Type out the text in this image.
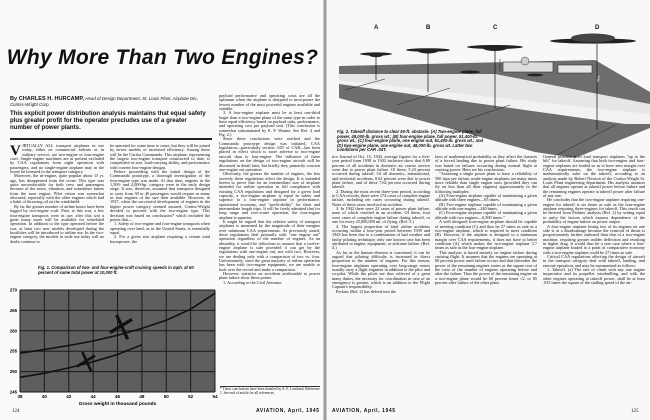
Why More Than Two Engines?
By CHARLES H. HURCAMP, Head of Design Department, St. Louis Plant, Airplane Div., Curtiss-Wright Corp.
This explicit power distribution analysis maintains that equal safety plus greater profit for the operator precludes use of a greater number of power plants.

VIRTUALLY ALL transport airplanes in use today, either on commercial airlines or in military service, are two-engine or four-engine craft. Single-engine machines are at present excluded by CAA regulations from night operation with passengers, and no single-engine airplane may in the future be licensed in the transport category.

Moreover, the tri-engine, quite popular about 15 yr. ago, has disappeared from the scene. This type was quite uncomfortable for both crew and passengers because of the noise, vibration, and sometimes fumes from the nose engine. Pilot vision was somewhat obscured, especially with the older engines which had a habit of throwing oil on the windshield.

By far the greater number of airline hours have been logged by two-engine craft. Prior to this war, a few four-engine transports were in use; after this war a great many more will be available for scheduled operation. In addition to the type operated before the war, at least two new models developed during the hostilities will be introduced to airline use. In the two-engine category, the models in wide use today will no doubt continue to

be operated for some time to come, but they will be joined by newer models of increased efficiency. Among these will be the Curtiss Commando. This airplane, representing the largest two-engine transport constructed to date, is competitive in size, load-carrying ability, and performance with current four-engine designs.

Before proceeding with the initial design of the Commando prototype, a thorough investigation of the four-engine type was made. At that time, engines in the 1,500- and 2,000-hp. category were in the early design stage. It was, therefore, assumed that transports designed to carry from 30 to 40 passengers would require as many as four engines of the size then available. However, in 1937, when the successful development of engines in the higher power category seemed assured, Curtiss-Wright decided to proceed with the two-engine type. This decision was based on conclusions* which included the points that—

1. Safety of two-engine and four-engine transports when operating over land, as in the United States, is essentially equal.

2. For a given size airplane requiring a certain total horsepower, the

payload performance and operating costs are all the optimum when the airplane is designed to incorporate the fewest number of the most powerful engines available and suitable.

3. A four-engine airplane must be at least one-third larger than a two-engine plane of the same type in order to have equal efficiency based on payload ratio, performance, and operating cost per payload unit. (This conclusion is somewhat substantiated by E. P. Warner. See Ref. 4 and Fig. 2.)

Since these conclusions were reached and the Commando prototype design was initiated, CAA legislation—particularly section .04T of CAR—has been placed in effect which is more adverse to two-engine aircraft than to four-engine. The influence of these regulations on the design of two-engine aircraft will be discussed in detail later, but briefly they primarily concern one-engine out operation.

Obviously, the greater the number of engines, the less severely these regulations affect the design. It is intended herein to prove that for an intermediate size of airplane intended for airline operation in full compliance with existing CAA regulations and designed for a given load capacity, a two-engine airplane is equal in safety and superior to a four-engine airplane in performance, operational economy, and "profit-ability" for short and intermediate length trips. It will be freely admitted that for long range and over-water operation, the four-engine airplane is superior.

It might be argued that the relative safety of transport airplanes is measured by the magnitude of their margins over minimum CAA requirements. As previously stated, these regulations deal primarily with "one engine out" operation regardless of the number of engines. As an absurdity, it would be ridiculous to assume that a twelve-engine airplane is safe provided it can get by the regulations with one-engine out, not with two. However, we are dealing only with a comparison of two vs. four. Unfortunately, since the great majority of airline operation has been with two-engine equipment, we are unable to look over the record and make a comparison.

However, statistics on accidents attributable to power plant failure show these points:

1. According to the Civil Aeronau-

Fig. 1. Comparison of two- and four-engine-craft cruising speeds in mph. at 60 percent of same total power at 10,000 ft.
38	40	42	44	46	48	50	52	54
245
250
255
260
265
270
Gross weight in thousand pounds
* These conclusions have been detailed by A. E. Lombard, Reference 1. See end of article for all references.
124	AVIATION, April, 1945
A	B	C	D
50 ft.
Fig. 2. Takeoff distance to clear 50-ft. obstacle. (A) Two-engine plane, full power, 48,000-lb. gross wt.; (B) four-engine plane, full power, 51,400-lb. gross wt.; (C) four-engine plane, one engine out, 51,400-lb. gross wt.; and (D) two-engine plane, one engine out, 48,000-lb. gross wt. Latter two conditions per CAR .04T.

tics Journal of Oct. 15, 1943, average figures for a five-year period from 1938 to 1942 inclusive show that 6.89 percent of all accidents in domestic air carrier service were due to power plant failure. Of these, 5.23 percent occurred during takeoff. Of all domestic, international, and territorial accidents, 8.62 percent were due to power plant failure, and of these 7.62 percent occurred during takeoff.

2. During the most recent three-year period, according to CAA records, there were 174 cases of complete engine failure, including ten cases occurring during takeoff. None of these cases involved an accident.

3. In 1942 there were 22 cases of power plant failure, none of which resulted in an accident. Of these, four were cases of complete engine failure during takeoff, or one for every 25,000,000 mi. of flying. (Ref. 5.)

4. The largest proportion of fatal airline accidents occurring within a four-year period between 1939 and 1943 has been due to a combination of bad weather and faulty piloting technique; only one known case has been attributed to engine, equipment, or airframe failure. (Ref. 4.)

As far as the human element is concerned, it can be argued that piloting difficulty is increased in direct proportion to the number of engines. For this reason, four-engine airplanes operating over long-range routes usually carry a flight engineer in addition to the pilot and co-pilot. While the pilots are thus relieved of a great many duties, the necessity for coordination in case of an emergency is greater, which is an addition to the Flight Captain's responsibility.

Perkins (Ref. 2) has delved into the

laws of mathematical probability as they affect the chances of a forced landing due to power plant failure. His study was based on failures occurring during normal flight at cruising power. Here are his conclusions:

"Assuming a single power plant to have a reliability of 500 trips per failure, multi-engine airplanes are many times more reliable than single engine ones (provided they can fly on less than all their engines) approximately in the following multiples:

(A) Four-engine airplane capable of maintaining a given altitude with three engines—65 times.

(B) Two-engine airplane capable of maintaining a given altitude with one engine—240 times.

(C) Four-engine airplane capable of maintaining a given altitude with two engines—6,500 times."

A well designed four-engine airplane should be capable of meeting condition (C) and thus be 27 times as safe as a two-engine airplane, which is required to meet condition (B). However, if the airplane is designed to a minimum margin over CAA requirements, it does not have to better condition (A) which makes the two-engine airplane 3.7 times as safe as the four-engine airplane.

This analysis is based entirely on engine failure during cruising flight. It assumes that the engines are operating at 60 percent power until failure occurs and that thereafter the power of the remaining engines varies as the square root of the ratio of the number of engines operating before and after the failure. Thus the power of the remaining engine on a two-engine plane would be 60 percent times √2, or 85 percent after failure of the other plant.

General practice is to load transport airplanes "up to the hilt" for takeoff. Assuming that both two-engine and four-engine airplanes are loaded so as to have zero margin over CAA requirements, the two-engine airplane is mathematically safer on the takeoff, according to an analysis made by Robert Newton of the Curtiss-Wright St. Louis Plant engineering department. His analysis assumes that all engines operate at takeoff power before failure and the remaining engines operate at takeoff power after failure of any one.

He concludes that the two-engine airplane requiring one-engine for takeoff is six times as safe as the four-engine airplane requiring three-engines for takeoff. This result can be derived from Perkins' analysis (Ref. 2) by setting equal to unity the factors which express dependence of the probability of engine failure on power output.

A four-engine airplane losing two of its engines on one side is at a disadvantage because the centroid of thrust is proportionately further outboard than that of a two-engine machine, requiring greater rudder deflection and resulting in higher drag. It would thus be a rare case where a four-engine airplane loaded to a point of comparative economy with a two-engine airplane could be 27 times as safe.

Critical CAA regulations affecting the design of aircraft in the transport category deal with takeoff, landing, and enroute operation, and may be summarized as follows:

1. Takeoff. (a) The rate of climb with any one engine inoperative and its propeller windmilling, and with the other engines operating at takeoff power, shall be at least .035 times the square of the stalling speed of the air-

AVIATION, April, 1945	125
